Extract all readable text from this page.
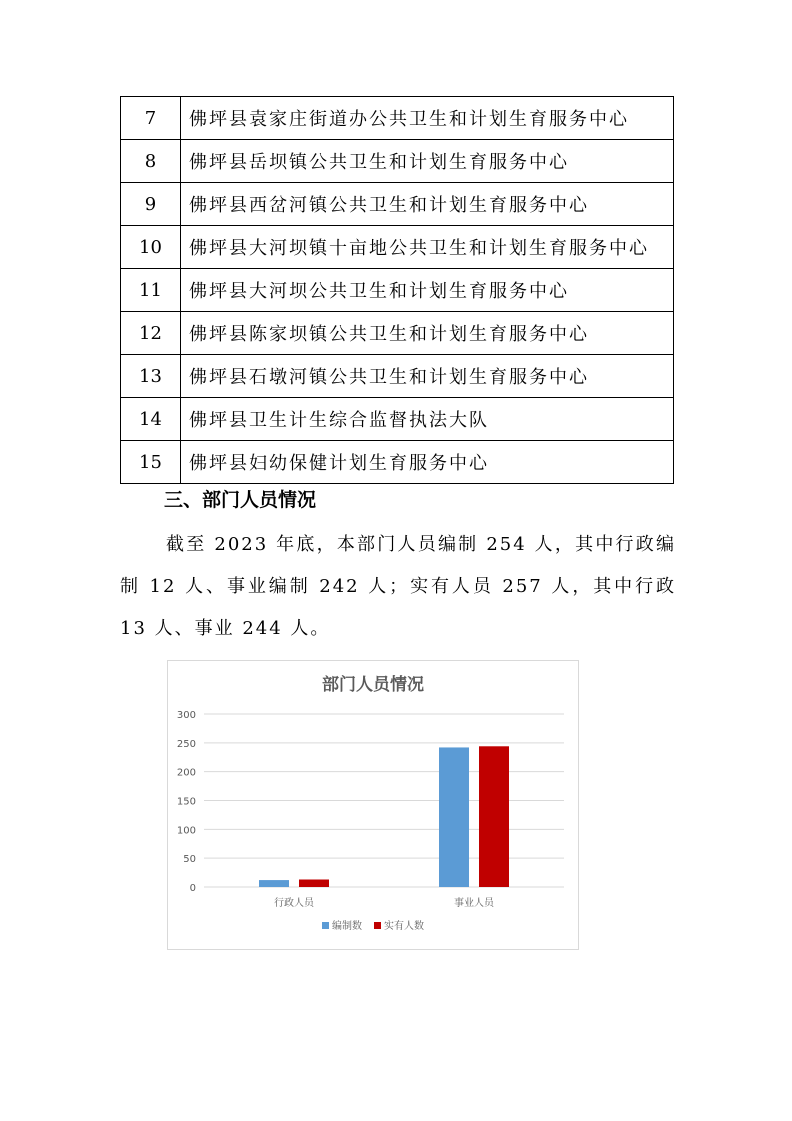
7	佛坪县袁家庄街道办公共卫生和计划生育服务中心
8	佛坪县岳坝镇公共卫生和计划生育服务中心
9	佛坪县西岔河镇公共卫生和计划生育服务中心
10	佛坪县大河坝镇十亩地公共卫生和计划生育服务中心
11	佛坪县大河坝公共卫生和计划生育服务中心
12	佛坪县陈家坝镇公共卫生和计划生育服务中心
13	佛坪县石墩河镇公共卫生和计划生育服务中心
14	佛坪县卫生计生综合监督执法大队
15	佛坪县妇幼保健计划生育服务中心
三、部门人员情况
截至 2023 年底，本部门人员编制 254 人，其中行政编制 12 人、事业编制 242 人；实有人员 257 人，其中行政 13 人、事业 244 人。
部门人员情况
0
50
100
150
200
250
300
行政人员	事业人员
编制数 实有人数
